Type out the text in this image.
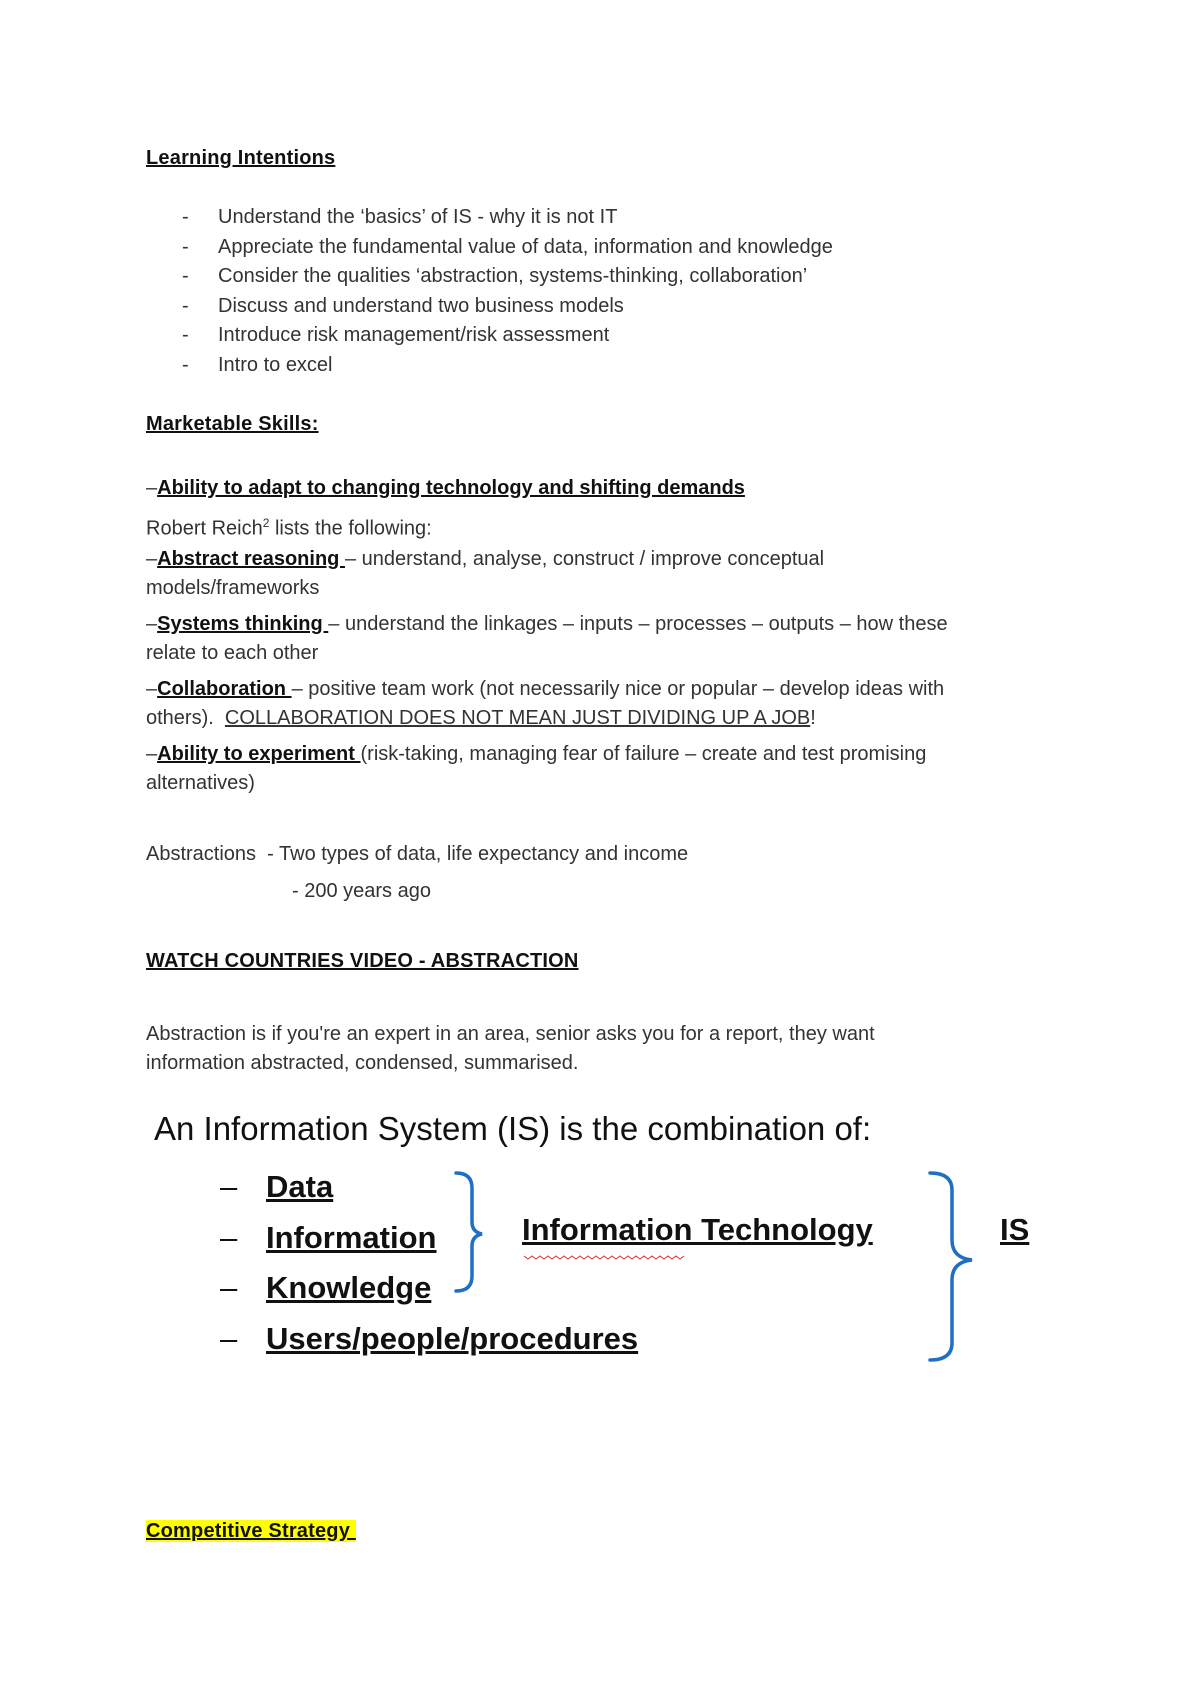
Learning Intentions
- Understand the ‘basics’ of IS - why it is not IT
- Appreciate the fundamental value of data, information and knowledge
- Consider the qualities ‘abstraction, systems-thinking, collaboration’
- Discuss and understand two business models
- Introduce risk management/risk assessment
- Intro to excel
Marketable Skills:
–Ability to adapt to changing technology and shifting demands
Robert Reich$^2$ lists the following:
–Abstract reasoning – understand, analyse, construct / improve conceptual
models/frameworks
–Systems thinking – understand the linkages – inputs – processes – outputs – how these
relate to each other
–Collaboration – positive team work (not necessarily nice or popular – develop ideas with
others).  COLLABORATION DOES NOT MEAN JUST DIVIDING UP A JOB!
–Ability to experiment (risk-taking, managing fear of failure – create and test promising
alternatives)
Abstractions  - Two types of data, life expectancy and income
- 200 years ago
WATCH COUNTRIES VIDEO - ABSTRACTION
Abstraction is if you're an expert in an area, senior asks you for a report, they want
information abstracted, condensed, summarised.
An Information System (IS) is the combination of:
– Data
– Information
– Knowledge
– Users/people/procedures
Information Technology	IS
Competitive Strategy
